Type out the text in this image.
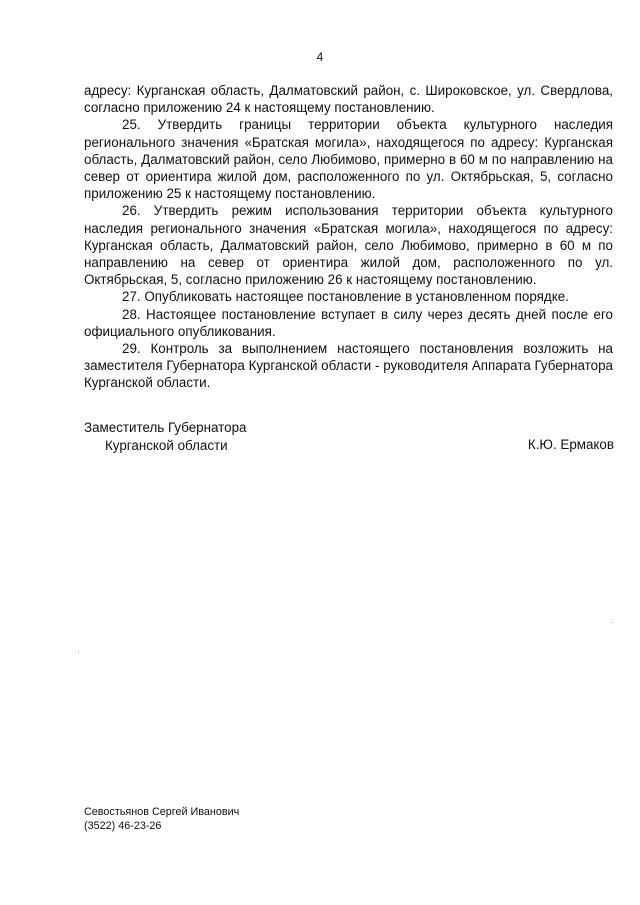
4

адресу: Курганская область, Далматовский район, с. Широковское, ул. Свердлова, согласно приложению 24 к настоящему постановлению.

25. Утвердить границы территории объекта культурного наследия регионального значения «Братская могила», находящегося по адресу: Курганская область, Далматовский район, село Любимово, примерно в 60 м по направлению на север от ориентира жилой дом, расположенного по ул. Октябрьская, 5, согласно приложению 25 к настоящему постановлению.

26. Утвердить режим использования территории объекта культурного наследия регионального значения «Братская могила», находящегося по адресу: Курганская область, Далматовский район, село Любимово, примерно в 60 м по направлению на север от ориентира жилой дом, расположенного по ул. Октябрьская, 5, согласно приложению 26 к настоящему постановлению.

27. Опубликовать настоящее постановление в установленном порядке.

28. Настоящее постановление вступает в силу через десять дней после его официального опубликования.

29. Контроль за выполнением настоящего постановления возложить на заместителя Губернатора Курганской области - руководителя Аппарата Губернатора Курганской области.

Заместитель Губернатора
Курганской области	К.Ю. Ермаков
Севостьянов Сергей Иванович
(3522) 46-23-26
